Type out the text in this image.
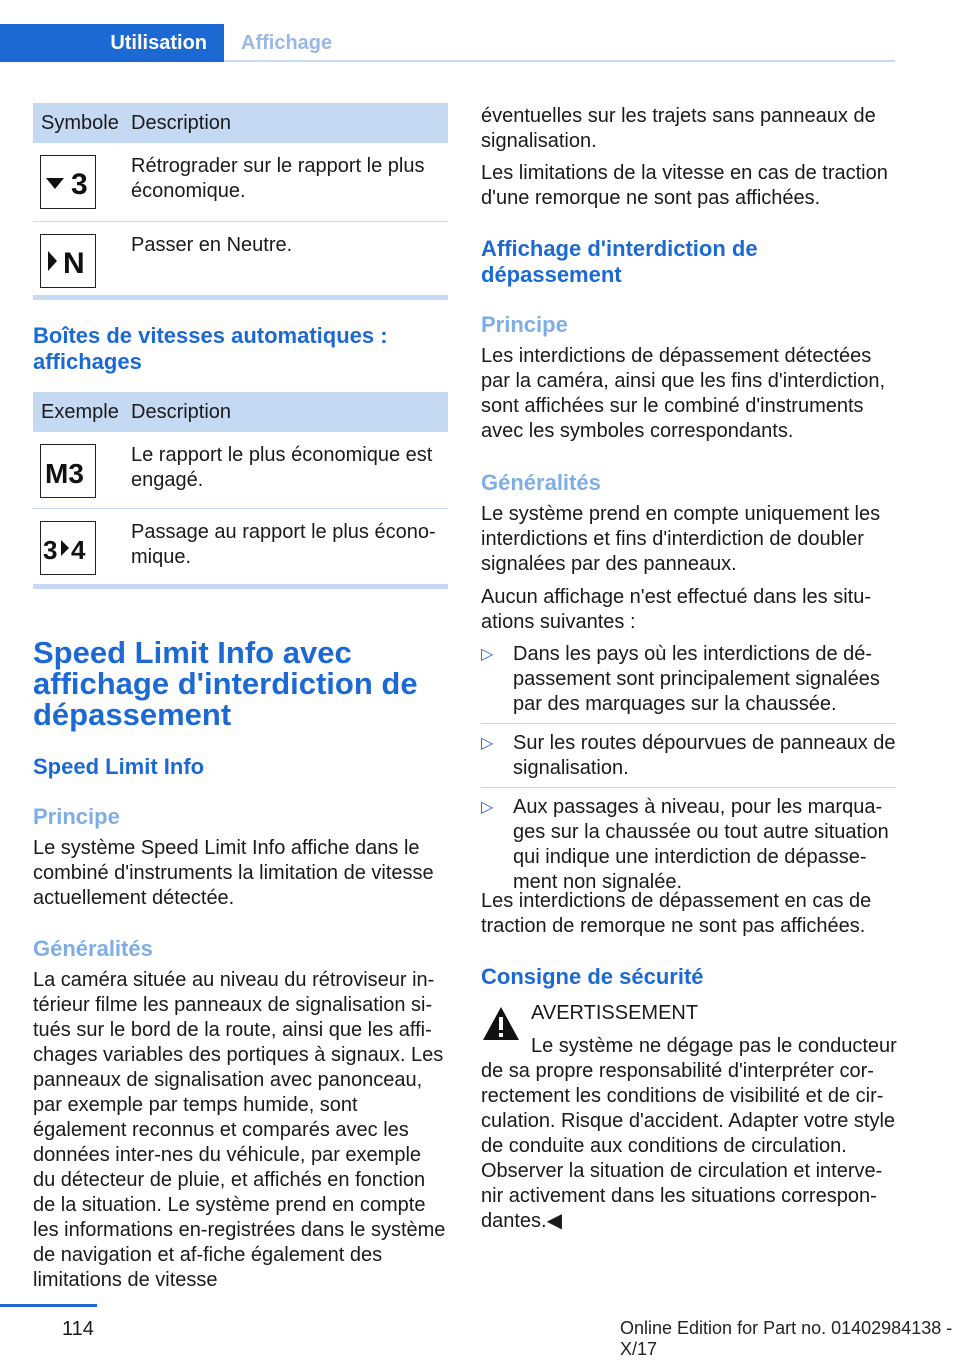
Utilisation	Affichage
Symbole	Description

3	Rétrograder sur le rapport le plus économique.

N	Passer en Neutre.
Boîtes de vitesses automatiques : affichages
Exemple	Description

M3	Le rapport le plus économique est engagé.

3 4	Passage au rapport le plus écono‐mique.
Speed Limit Info avec affichage d'interdiction de dépassement
Speed Limit Info
Principe

Le système Speed Limit Info affiche dans le combiné d'instruments la limitation de vitesse actuellement détectée.

Généralités

La caméra située au niveau du rétroviseur in‐térieur filme les panneaux de signalisation si‐tués sur le bord de la route, ainsi que les affi‐chages variables des portiques à signaux. Les panneaux de signalisation avec panonceau, par exemple par temps humide, sont également reconnus et comparés avec les données inter‐nes du véhicule, par exemple du détecteur de pluie, et affichés en fonction de la situation. Le système prend en compte les informations en‐registrées dans le système de navigation et af‐fiche également des limitations de vitesse

éventuelles sur les trajets sans panneaux de signalisation.

Les limitations de la vitesse en cas de traction d'une remorque ne sont pas affichées.

Affichage d'interdiction de dépassement
Principe

Les interdictions de dépassement détectées par la caméra, ainsi que les fins d'interdiction, sont affichées sur le combiné d'instruments avec les symboles correspondants.

Généralités

Le système prend en compte uniquement les interdictions et fins d'interdiction de doubler signalées par des panneaux.

Aucun affichage n'est effectué dans les situ‐ations suivantes :

▷ Dans les pays où les interdictions de dé‐passement sont principalement signalées par des marquages sur la chaussée.
▷ Sur les routes dépourvues de panneaux de signalisation.
▷ Aux passages à niveau, pour les marqua‐ges sur la chaussée ou tout autre situation qui indique une interdiction de dépasse‐ment non signalée.

Les interdictions de dépassement en cas de traction de remorque ne sont pas affichées.

Consigne de sécurité
AVERTISSEMENT
Le système ne dégage pas le conducteur

de sa propre responsabilité d'interpréter cor‐rectement les conditions de visibilité et de cir‐culation. Risque d'accident. Adapter votre style de conduite aux conditions de circulation. Observer la situation de circulation et interve‐nir activement dans les situations correspon‐dantes.◀

114	Online Edition for Part no. 01402984138 - X/17
